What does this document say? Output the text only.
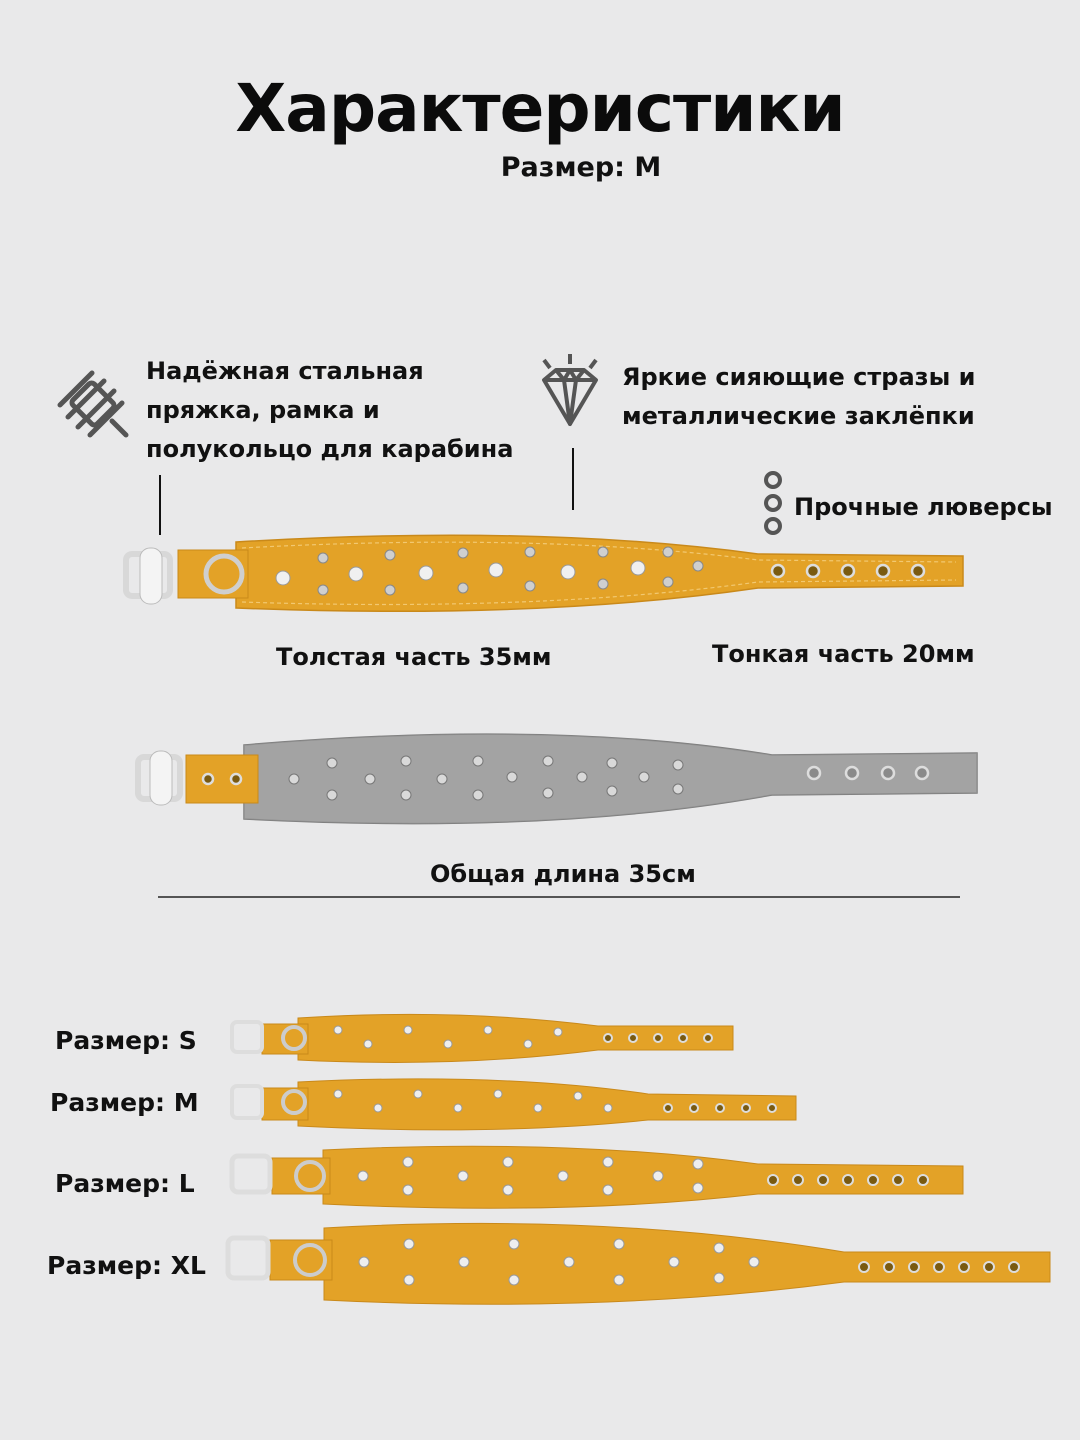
Характеристики
Размер: М
Надёжная стальная
пряжка, рамка и
полукольцо для карабина
Яркие сияющие стразы и
металлические заклёпки
Прочные люверсы
Толстая часть 35мм	Тонкая часть 20мм
Общая длина 35см
Размер: S
Размер: M
Размер: L
Размер: XL
